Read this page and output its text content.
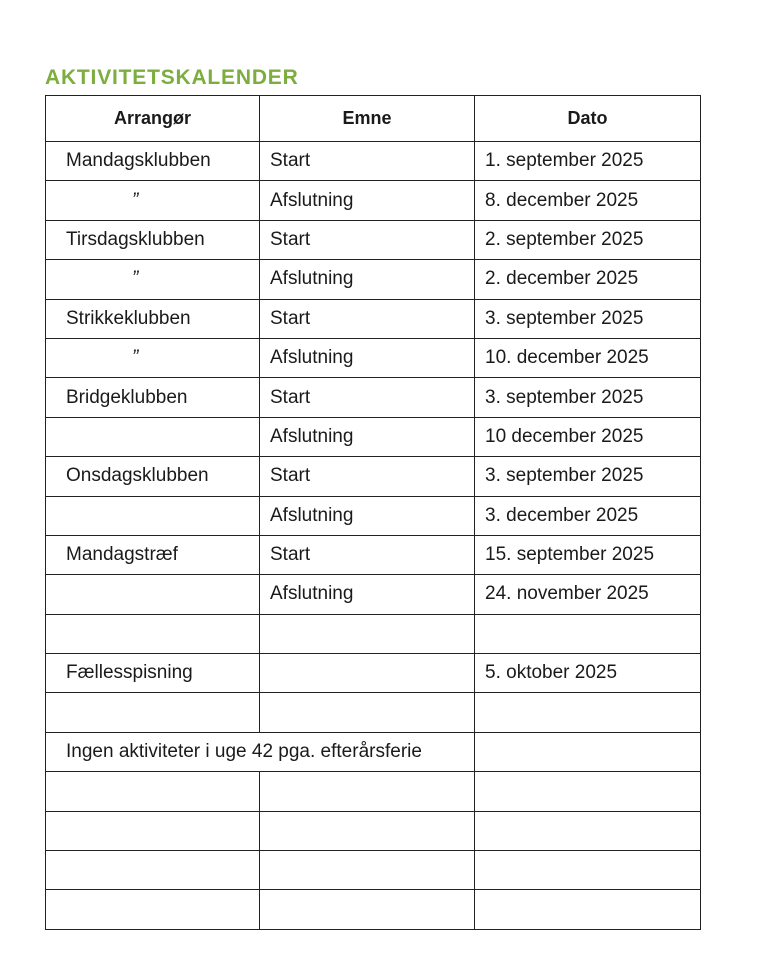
AKTIVITETSKALENDER
Arrangør	Emne	Dato
Mandagsklubben	Start	1. september 2025
”	Afslutning	8. december 2025
Tirsdagsklubben	Start	2. september 2025
”	Afslutning	2. december 2025
Strikkeklubben	Start	3. september 2025
”	Afslutning	10. december 2025
Bridgeklubben	Start	3. september 2025
	Afslutning	10 december 2025
Onsdagsklubben	Start	3. september 2025
	Afslutning	3. december 2025
Mandagstræf	Start	15. september 2025
	Afslutning	24. november 2025

Fællesspisning		5. oktober 2025

Ingen aktiviteter i uge 42 pga. efterårsferie		
